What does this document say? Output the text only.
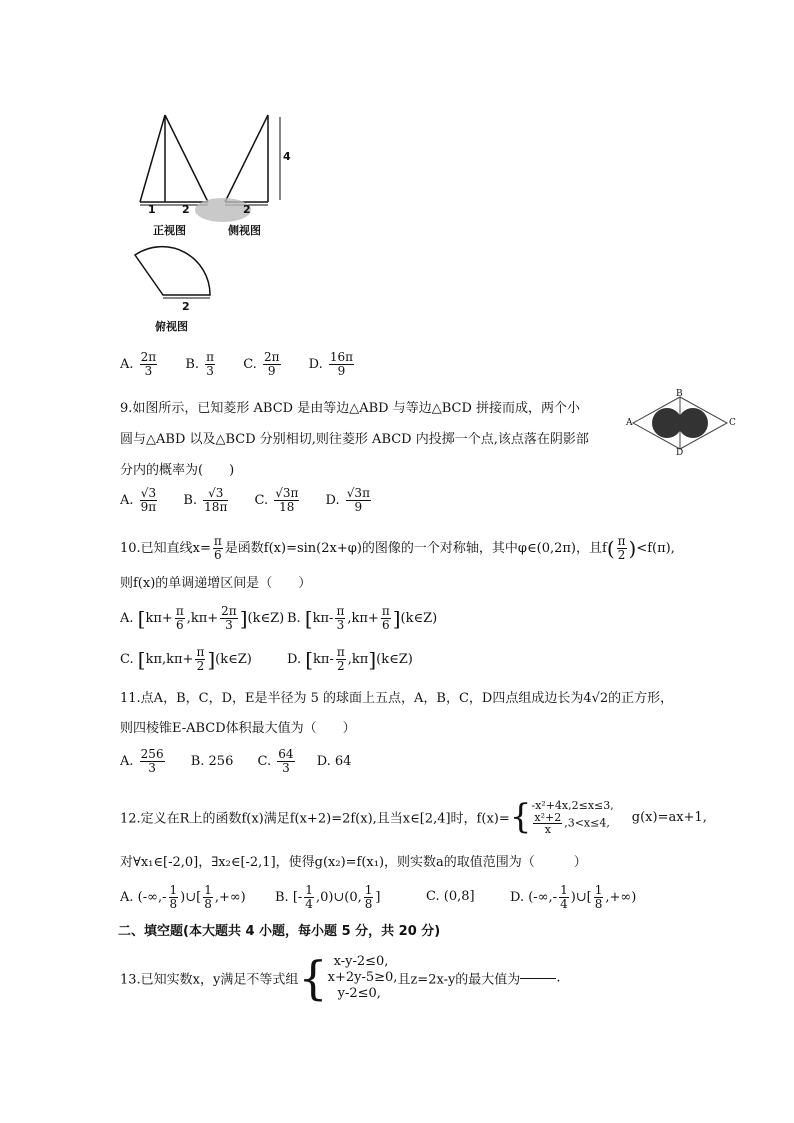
1 2
4
2
正视图	侧视图
2
俯视图
A. $\frac{2\pi}{3} B$. $\frac{\pi}{3} C$. $\frac{2\pi}{9} D$. $\frac{16\pi}{9}$
9.如图所示，已知菱形 ABCD 是由等边△ABD 与等边△BCD 拼接而成，两个小
圆与△ABD 以及△BCD 分别相切,则往菱形 ABCD 内投掷一个点,该点落在阴影部
分内的概率为(　　)
A
B
C
D
A. $\frac{√3}{9\pi} B$. $\frac{√3}{18\pi} C$. $\frac{√3\pi}{18} D$. $\frac{√3\pi}{9}$
10.已知直线$x= \frac{\pi}{6}$ 是函数f(x)=sin(2x+φ)的图像的一个对称轴，其中φ∈(0,2π)，且$f( \frac{\pi}{2} )<f(\pi)$,
则f(x)的单调递增区间是（　　）
A. [$k\pi+ \frac{\pi}{6} ,k\pi+ \frac{2\pi}{3}$ ](k∈Z) B. [$k\pi- \frac{\pi}{3} ,k\pi+ \frac{\pi}{6}$ ](k∈Z)
C. [$k\pi,k\pi+ \frac{\pi}{2}$ ](k∈Z)	D. [$k\pi- \frac{\pi}{2}$ ,kπ](k∈Z)
11.点A，B，C，D，E是半径为 5 的球面上五点，A，B，C，D四点组成边长为4√2的正方形，
则四棱锥E-ABCD体积最大值为（　　）
A. $\frac{256}{3} B$. 256 C. $\frac{64}{3} D$. 64
12.定义在R上的函数f(x)满足f(x+2)=2f(x),且当x∈[2,4]时，f(x)={ -x²+4x,2≤x≤3,
$\frac{\text{x²+2}}{x} ,3<x\le 4$,	g(x)=ax+1,
对∀x₁∈[-2,0]，∃x₂∈[-2,1]，使得g(x₂)=f(x₁)，则实数a的取值范围为（　　　）
A. (-∞,- $\frac{1}{8}$ )∪[ $\frac{1}{8}$ ,+∞) B. [- $\frac{1}{4}$ ,0)∪(0, $\frac{1}{8}$ ]	C. (0,8]	D. (-∞,- $\frac{1}{4}$ )∪[ $\frac{1}{8}$ ,+∞)
二、填空题(本大题共 4 小题，每小题 5 分，共 20 分)
13.已知实数x，y满足不等式组{ x-y-2≤0,
x+2y-5≥0,
y-2≤0,
且z=2x-y的最大值为	.
